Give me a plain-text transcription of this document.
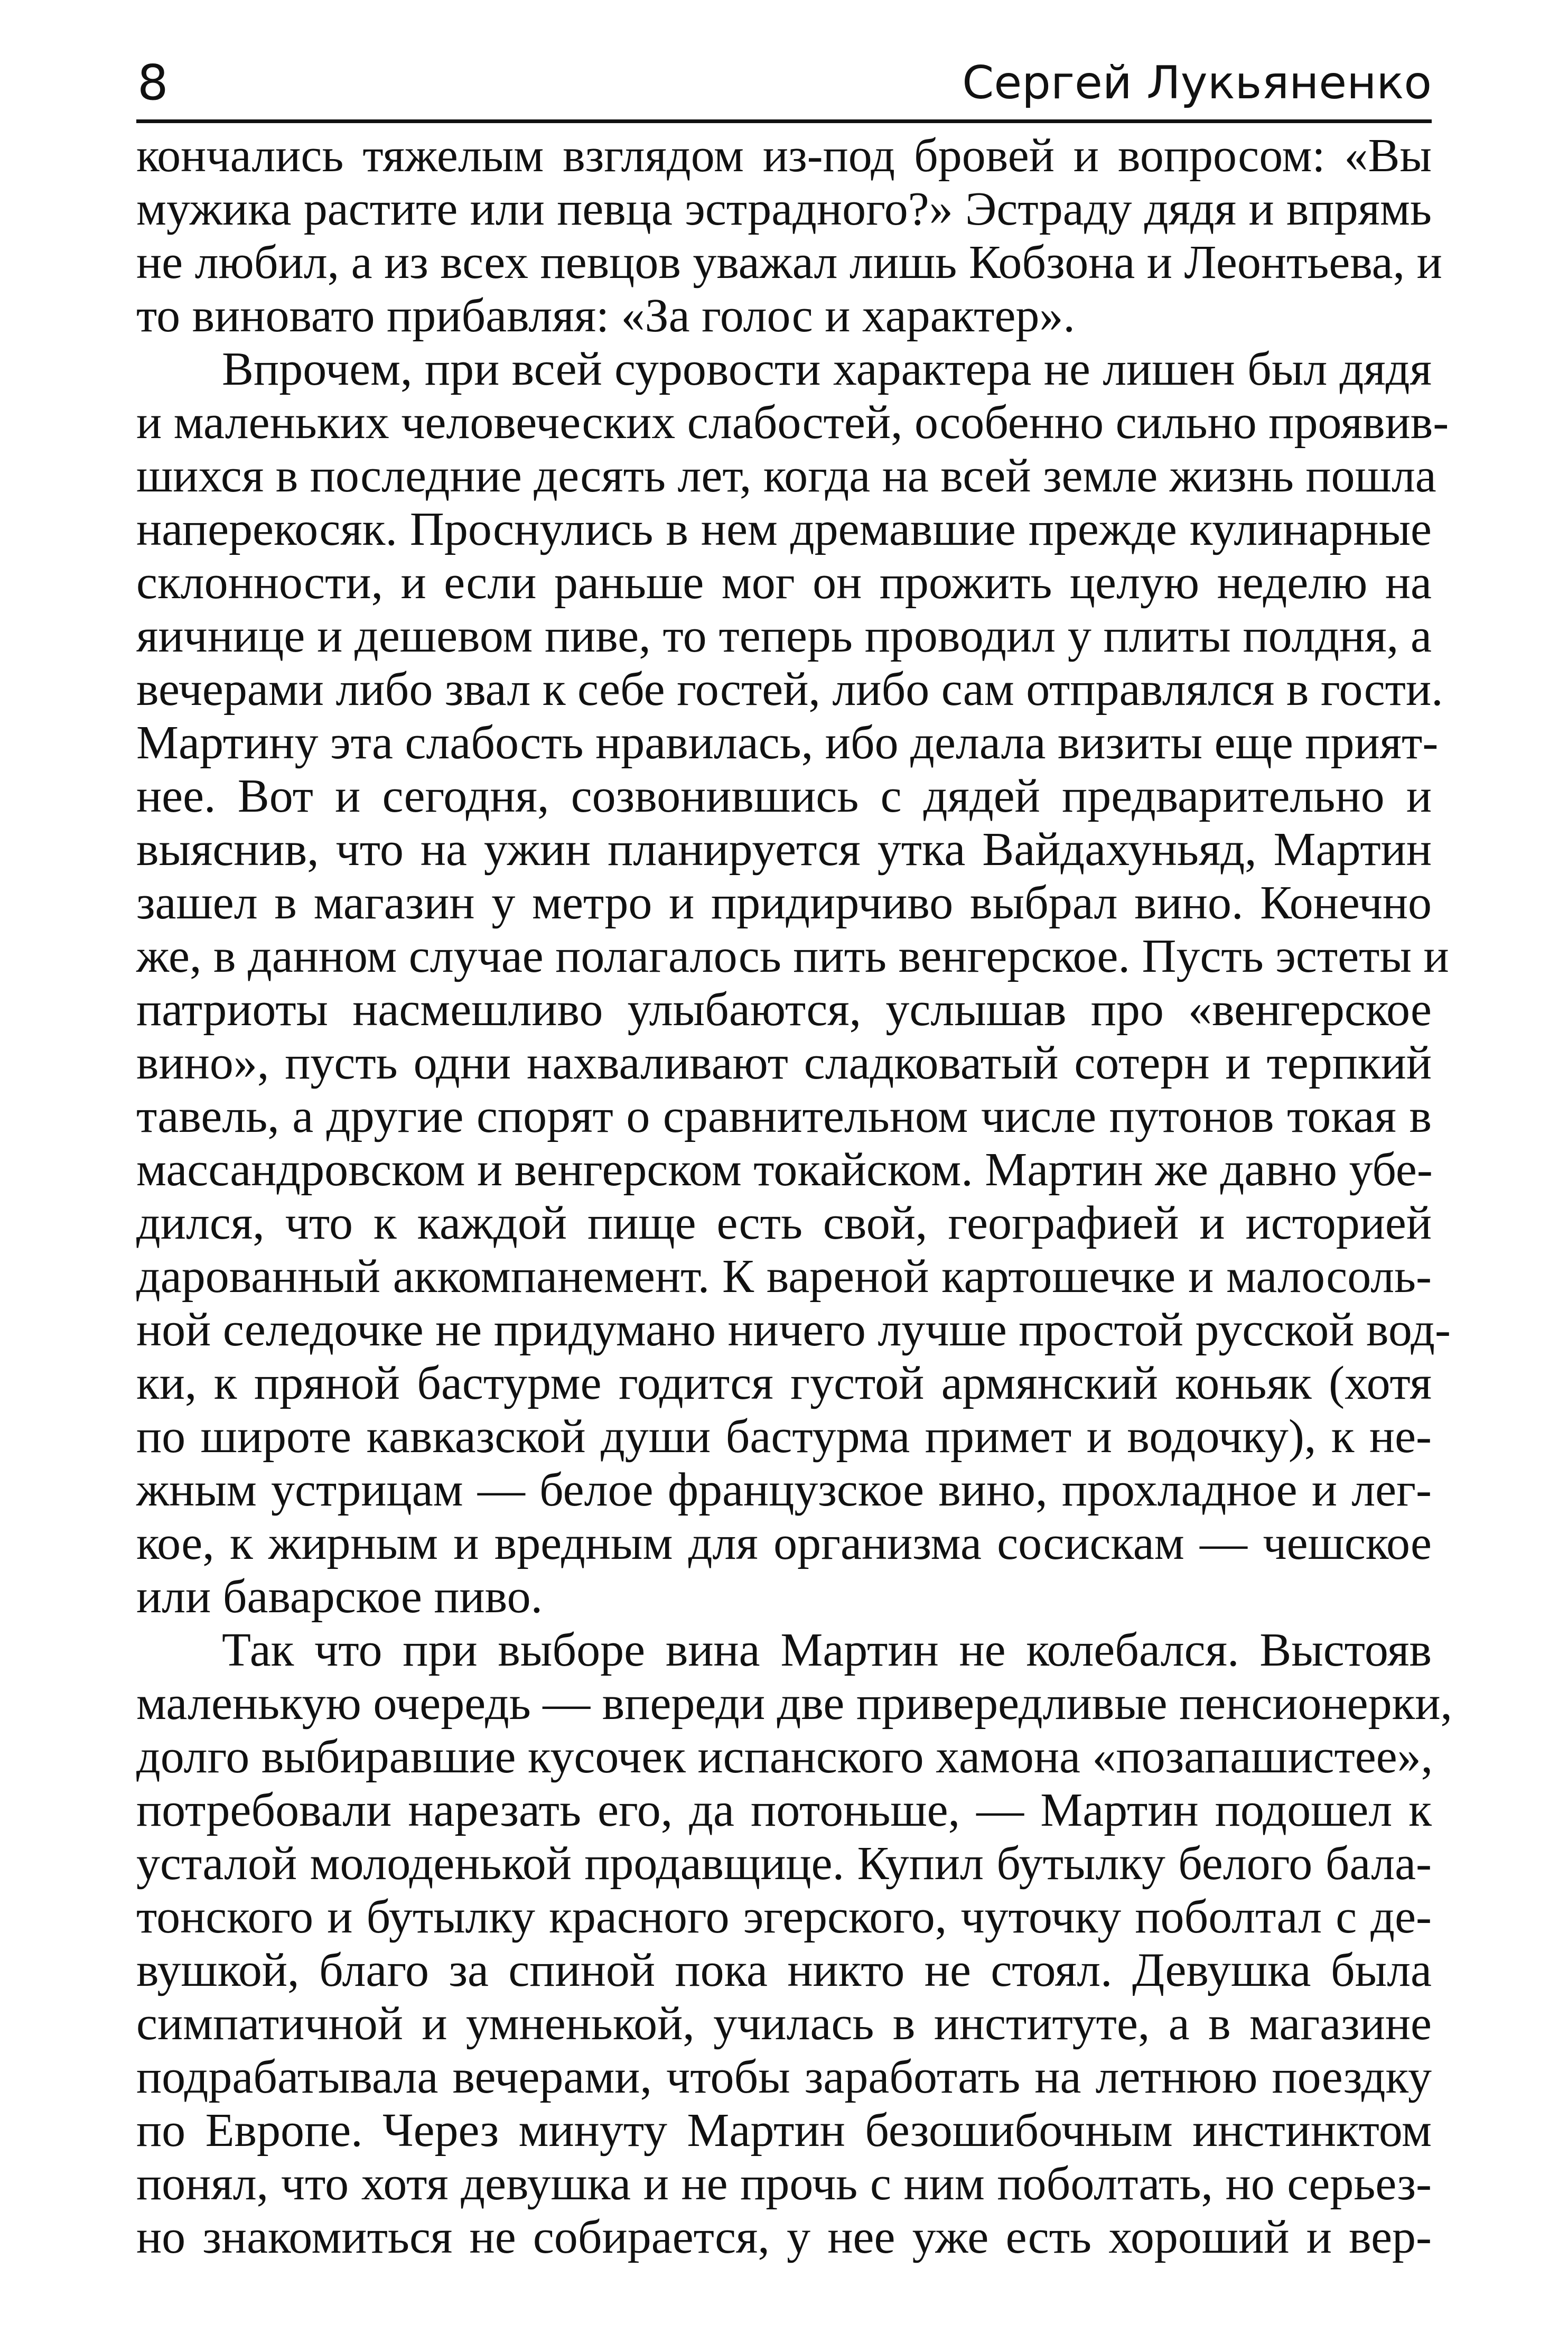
8	Сергей Лукьяненко
кончались тяжелым взглядом из-под бровей и вопросом: «Вы
мужика растите или певца эстрадного?» Эстраду дядя и впрямь
не любил, а из всех певцов уважал лишь Кобзона и Леонтьева, и
то виновато прибавляя: «За голос и характер».
Впрочем, при всей суровости характера не лишен был дядя
и маленьких человеческих слабостей, особенно сильно проявив-
шихся в последние десять лет, когда на всей земле жизнь пошла
наперекосяк. Проснулись в нем дремавшие прежде кулинарные
склонности, и если раньше мог он прожить целую неделю на
яичнице и дешевом пиве, то теперь проводил у плиты полдня, а
вечерами либо звал к себе гостей, либо сам отправлялся в гости.
Мартину эта слабость нравилась, ибо делала визиты еще прият-
нее. Вот и сегодня, созвонившись с дядей предварительно и
выяснив, что на ужин планируется утка Вайдахуньяд, Мартин
зашел в магазин у метро и придирчиво выбрал вино. Конечно
же, в данном случае полагалось пить венгерское. Пусть эстеты и
патриоты насмешливо улыбаются, услышав про «венгерское
вино», пусть одни нахваливают сладковатый сотерн и терпкий
тавель, а другие спорят о сравнительном числе путонов токая в
массандровском и венгерском токайском. Мартин же давно убе-
дился, что к каждой пище есть свой, географией и историей
дарованный аккомпанемент. К вареной картошечке и малосоль-
ной селедочке не придумано ничего лучше простой русской вод-
ки, к пряной бастурме годится густой армянский коньяк (хотя
по широте кавказской души бастурма примет и водочку), к не-
жным устрицам — белое французское вино, прохладное и лег-
кое, к жирным и вредным для организма сосискам — чешское
или баварское пиво.
Так что при выборе вина Мартин не колебался. Выстояв
маленькую очередь — впереди две привередливые пенсионерки,
долго выбиравшие кусочек испанского хамона «позапашистее»,
потребовали нарезать его, да потоньше, — Мартин подошел к
усталой молоденькой продавщице. Купил бутылку белого бала-
тонского и бутылку красного эгерского, чуточку поболтал с де-
вушкой, благо за спиной пока никто не стоял. Девушка была
симпатичной и умненькой, училась в институте, а в магазине
подрабатывала вечерами, чтобы заработать на летнюю поездку
по Европе. Через минуту Мартин безошибочным инстинктом
понял, что хотя девушка и не прочь с ним поболтать, но серьез-
но знакомиться не собирается, у нее уже есть хороший и вер-
